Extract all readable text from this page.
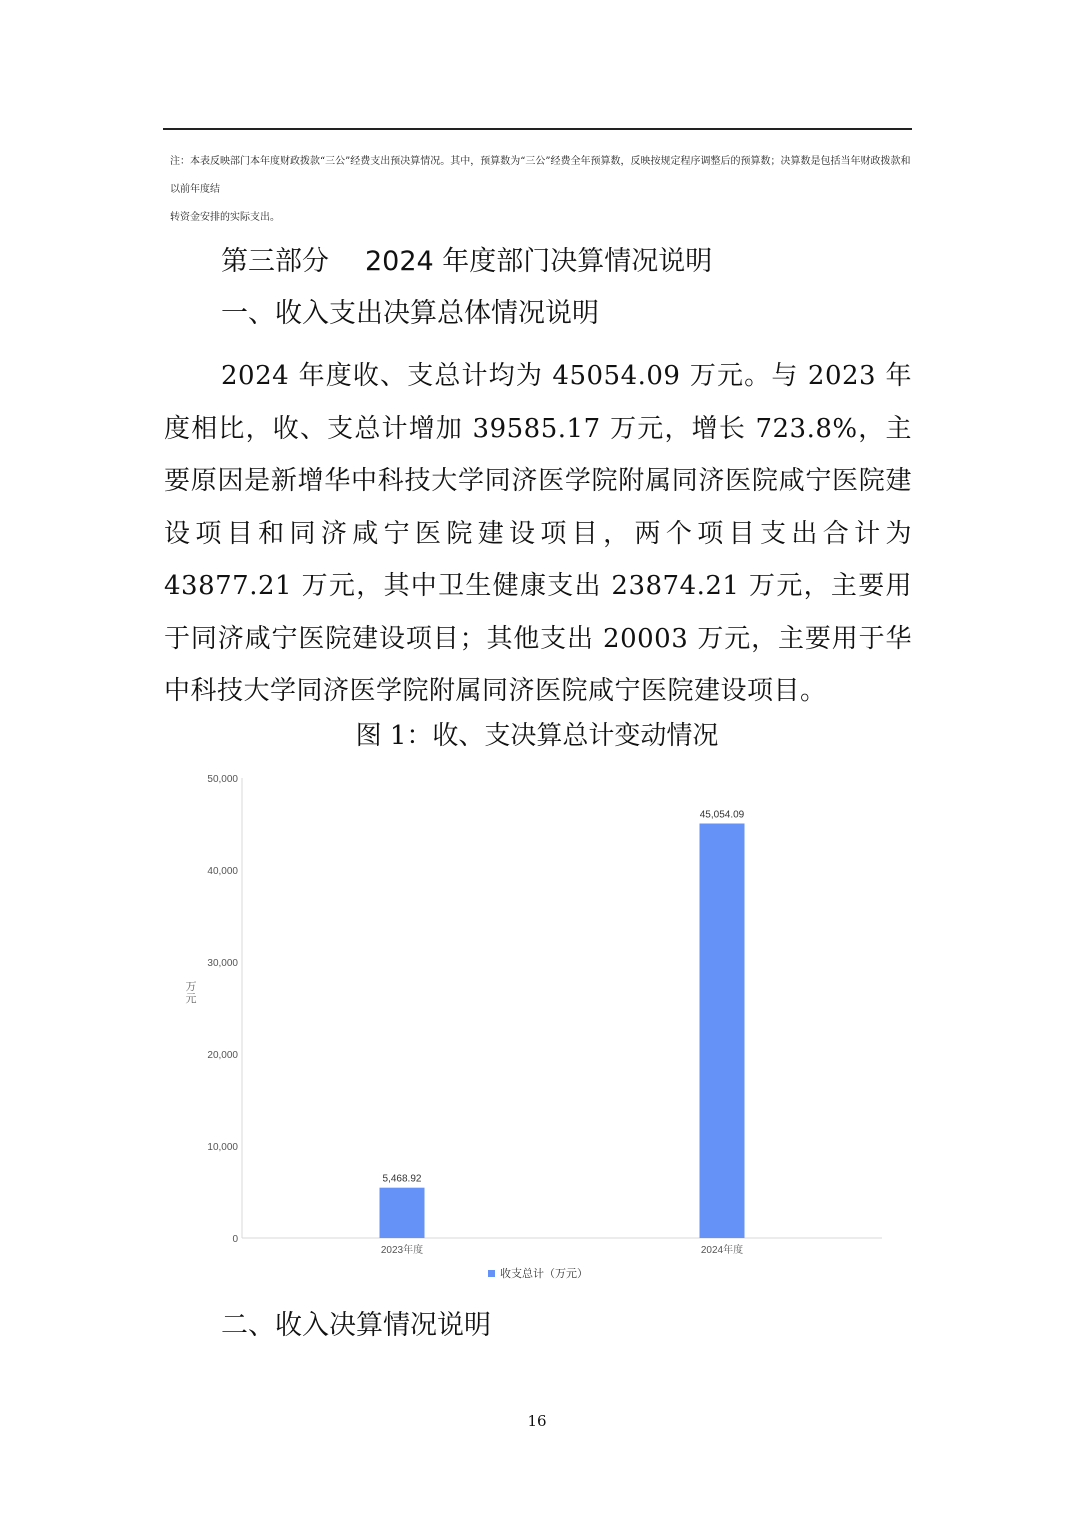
注：本表反映部门本年度财政拨款“三公”经费支出预决算情况。其中，预算数为“三公”经费全年预算数，反映按规定程序调整后的预算数；决算数是包括当年财政拨款和以前年度结
转资金安排的实际支出。
第三部分 2024 年度部门决算情况说明
一、收入支出决算总体情况说明
2024 年度收、支总计均为 45054.09 万元。与 2023 年度相比，收、支总计增加 39585.17 万元，增长 723.8%，主要原因是新增华中科技大学同济医学院附属同济医院咸宁医院建设项目和同济咸宁医院建设项目，两个项目支出合计为 43877.21 万元，其中卫生健康支出 23874.21 万元，主要用于同济咸宁医院建设项目；其他支出 20003 万元，主要用于华中科技大学同济医学院附属同济医院咸宁医院建设项目。
图 1：收、支决算总计变动情况
0
10,000
20,000
30,000
40,000
50,000
万元
5,468.92
2023年度
45,054.09
2024年度
收支总计（万元）
二、收入决算情况说明
16
